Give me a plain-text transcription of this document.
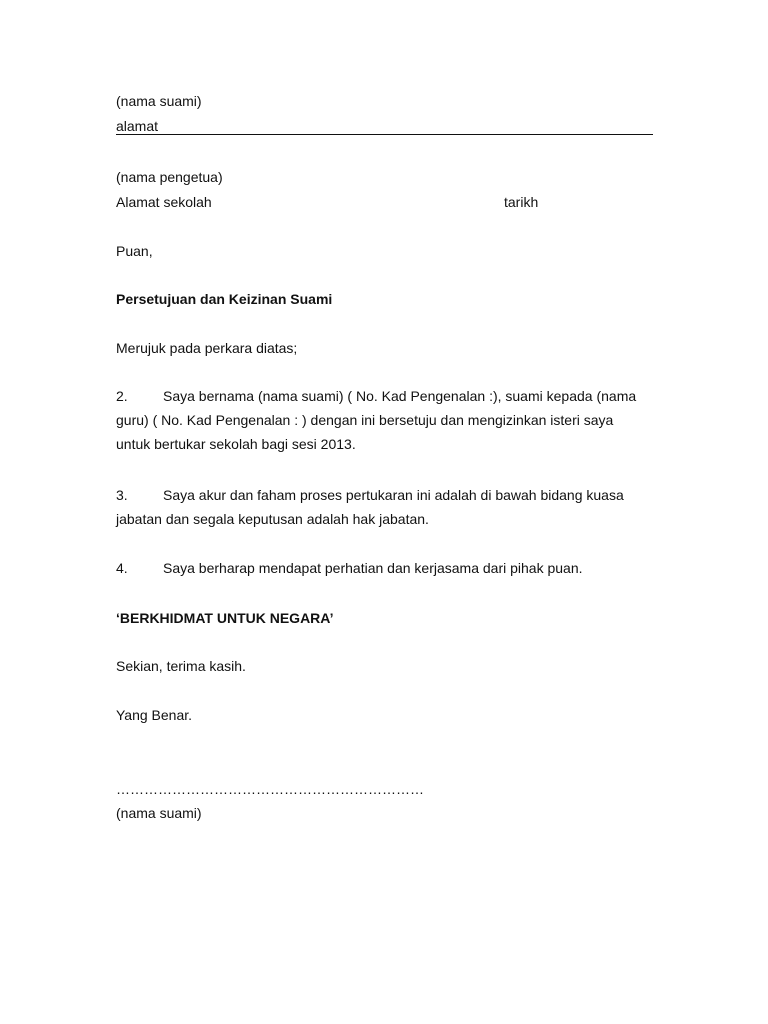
(nama suami)
alamat
(nama pengetua)
Alamat sekolah	tarikh
Puan,
Persetujuan dan Keizinan Suami
Merujuk pada perkara diatas;
2.	Saya bernama (nama suami) ( No. Kad Pengenalan :), suami kepada (nama
guru) ( No. Kad Pengenalan : ) dengan ini bersetuju dan mengizinkan isteri saya
untuk bertukar sekolah bagi sesi 2013.
3.	Saya akur dan faham proses pertukaran ini adalah di bawah bidang kuasa
jabatan dan segala keputusan adalah hak jabatan.
4.	Saya berharap mendapat perhatian dan kerjasama dari pihak puan.
‘BERKHIDMAT UNTUK NEGARA’
Sekian, terima kasih.
Yang Benar.
…………………………………………………………
(nama suami)
